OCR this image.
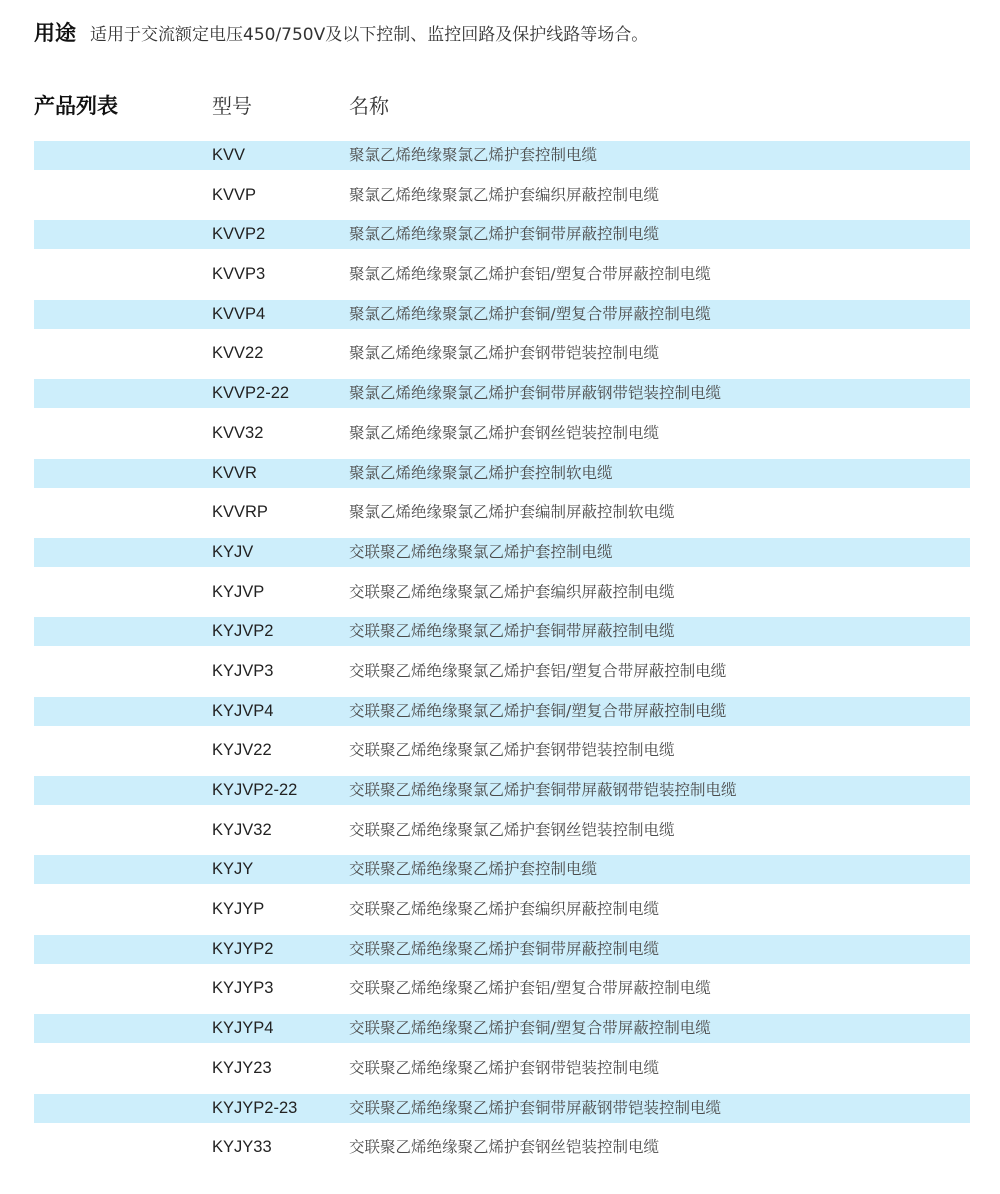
用途 适用于交流额定电压450/750V及以下控制、监控回路及保护线路等场合。
产品列表	型号	名称
KVV	聚氯乙烯绝缘聚氯乙烯护套控制电缆
KVVP	聚氯乙烯绝缘聚氯乙烯护套编织屏蔽控制电缆
KVVP2	聚氯乙烯绝缘聚氯乙烯护套铜带屏蔽控制电缆
KVVP3	聚氯乙烯绝缘聚氯乙烯护套铝/塑复合带屏蔽控制电缆
KVVP4	聚氯乙烯绝缘聚氯乙烯护套铜/塑复合带屏蔽控制电缆
KVV22	聚氯乙烯绝缘聚氯乙烯护套钢带铠装控制电缆
KVVP2-22	聚氯乙烯绝缘聚氯乙烯护套铜带屏蔽钢带铠装控制电缆
KVV32	聚氯乙烯绝缘聚氯乙烯护套钢丝铠装控制电缆
KVVR	聚氯乙烯绝缘聚氯乙烯护套控制软电缆
KVVRP	聚氯乙烯绝缘聚氯乙烯护套编制屏蔽控制软电缆
KYJV	交联聚乙烯绝缘聚氯乙烯护套控制电缆
KYJVP	交联聚乙烯绝缘聚氯乙烯护套编织屏蔽控制电缆
KYJVP2	交联聚乙烯绝缘聚氯乙烯护套铜带屏蔽控制电缆
KYJVP3	交联聚乙烯绝缘聚氯乙烯护套铝/塑复合带屏蔽控制电缆
KYJVP4	交联聚乙烯绝缘聚氯乙烯护套铜/塑复合带屏蔽控制电缆
KYJV22	交联聚乙烯绝缘聚氯乙烯护套钢带铠装控制电缆
KYJVP2-22	交联聚乙烯绝缘聚氯乙烯护套铜带屏蔽钢带铠装控制电缆
KYJV32	交联聚乙烯绝缘聚氯乙烯护套钢丝铠装控制电缆
KYJY	交联聚乙烯绝缘聚乙烯护套控制电缆
KYJYP	交联聚乙烯绝缘聚乙烯护套编织屏蔽控制电缆
KYJYP2	交联聚乙烯绝缘聚乙烯护套铜带屏蔽控制电缆
KYJYP3	交联聚乙烯绝缘聚乙烯护套铝/塑复合带屏蔽控制电缆
KYJYP4	交联聚乙烯绝缘聚乙烯护套铜/塑复合带屏蔽控制电缆
KYJY23	交联聚乙烯绝缘聚乙烯护套钢带铠装控制电缆
KYJYP2-23	交联聚乙烯绝缘聚乙烯护套铜带屏蔽钢带铠装控制电缆
KYJY33	交联聚乙烯绝缘聚乙烯护套钢丝铠装控制电缆
